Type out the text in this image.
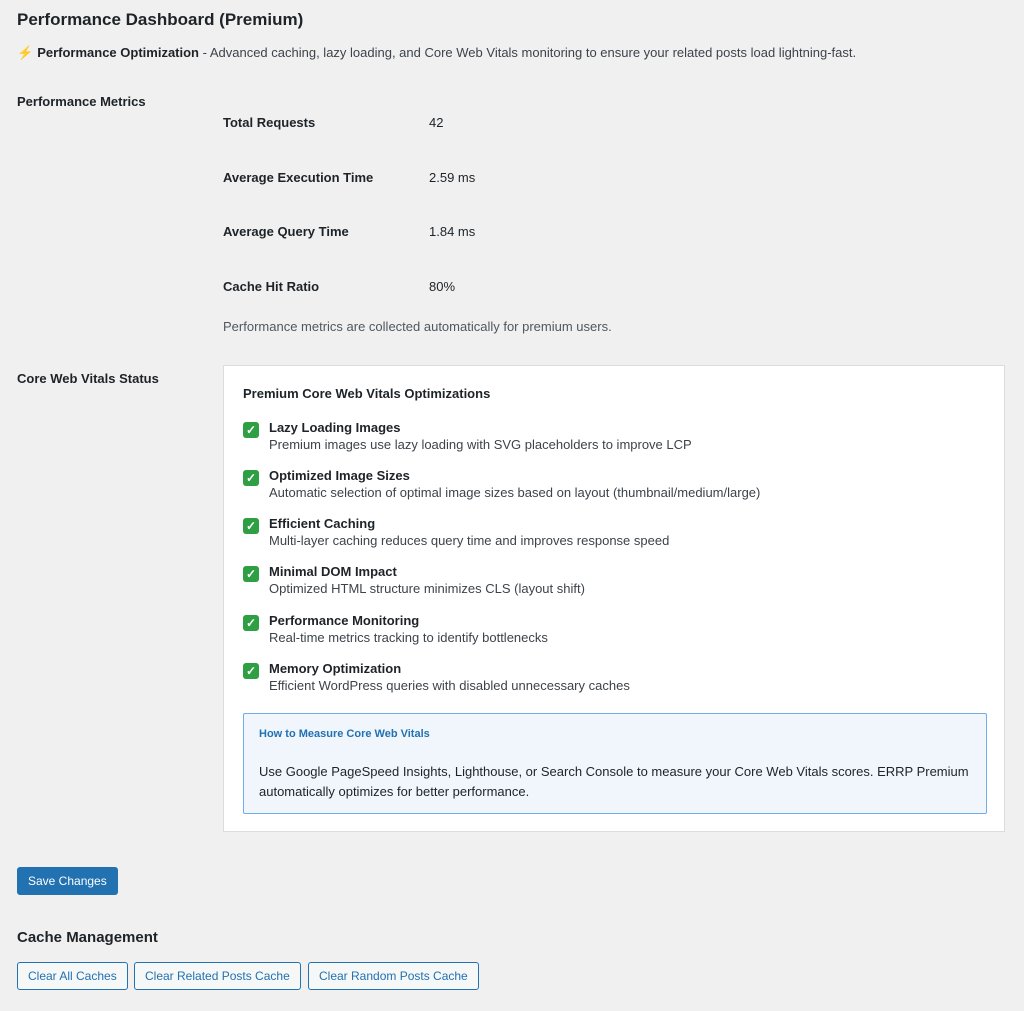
Performance Dashboard (Premium)
⚡ Performance Optimization - Advanced caching, lazy loading, and Core Web Vitals monitoring to ensure your related posts load lightning-fast.
Performance Metrics
Total Requests	42
Average Execution Time	2.59 ms
Average Query Time	1.84 ms
Cache Hit Ratio	80%
Performance metrics are collected automatically for premium users.
Core Web Vitals Status
Premium Core Web Vitals Optimizations
✓ Lazy Loading Images
Premium images use lazy loading with SVG placeholders to improve LCP
✓ Optimized Image Sizes
Automatic selection of optimal image sizes based on layout (thumbnail/medium/large)
✓ Efficient Caching
Multi-layer caching reduces query time and improves response speed
✓ Minimal DOM Impact
Optimized HTML structure minimizes CLS (layout shift)
✓ Performance Monitoring
Real-time metrics tracking to identify bottlenecks
✓ Memory Optimization
Efficient WordPress queries with disabled unnecessary caches
How to Measure Core Web Vitals
Use Google PageSpeed Insights, Lighthouse, or Search Console to measure your Core Web Vitals scores. ERRP Premium automatically optimizes for better performance.
Save Changes
Cache Management
Clear All Caches	Clear Related Posts Cache	Clear Random Posts Cache
